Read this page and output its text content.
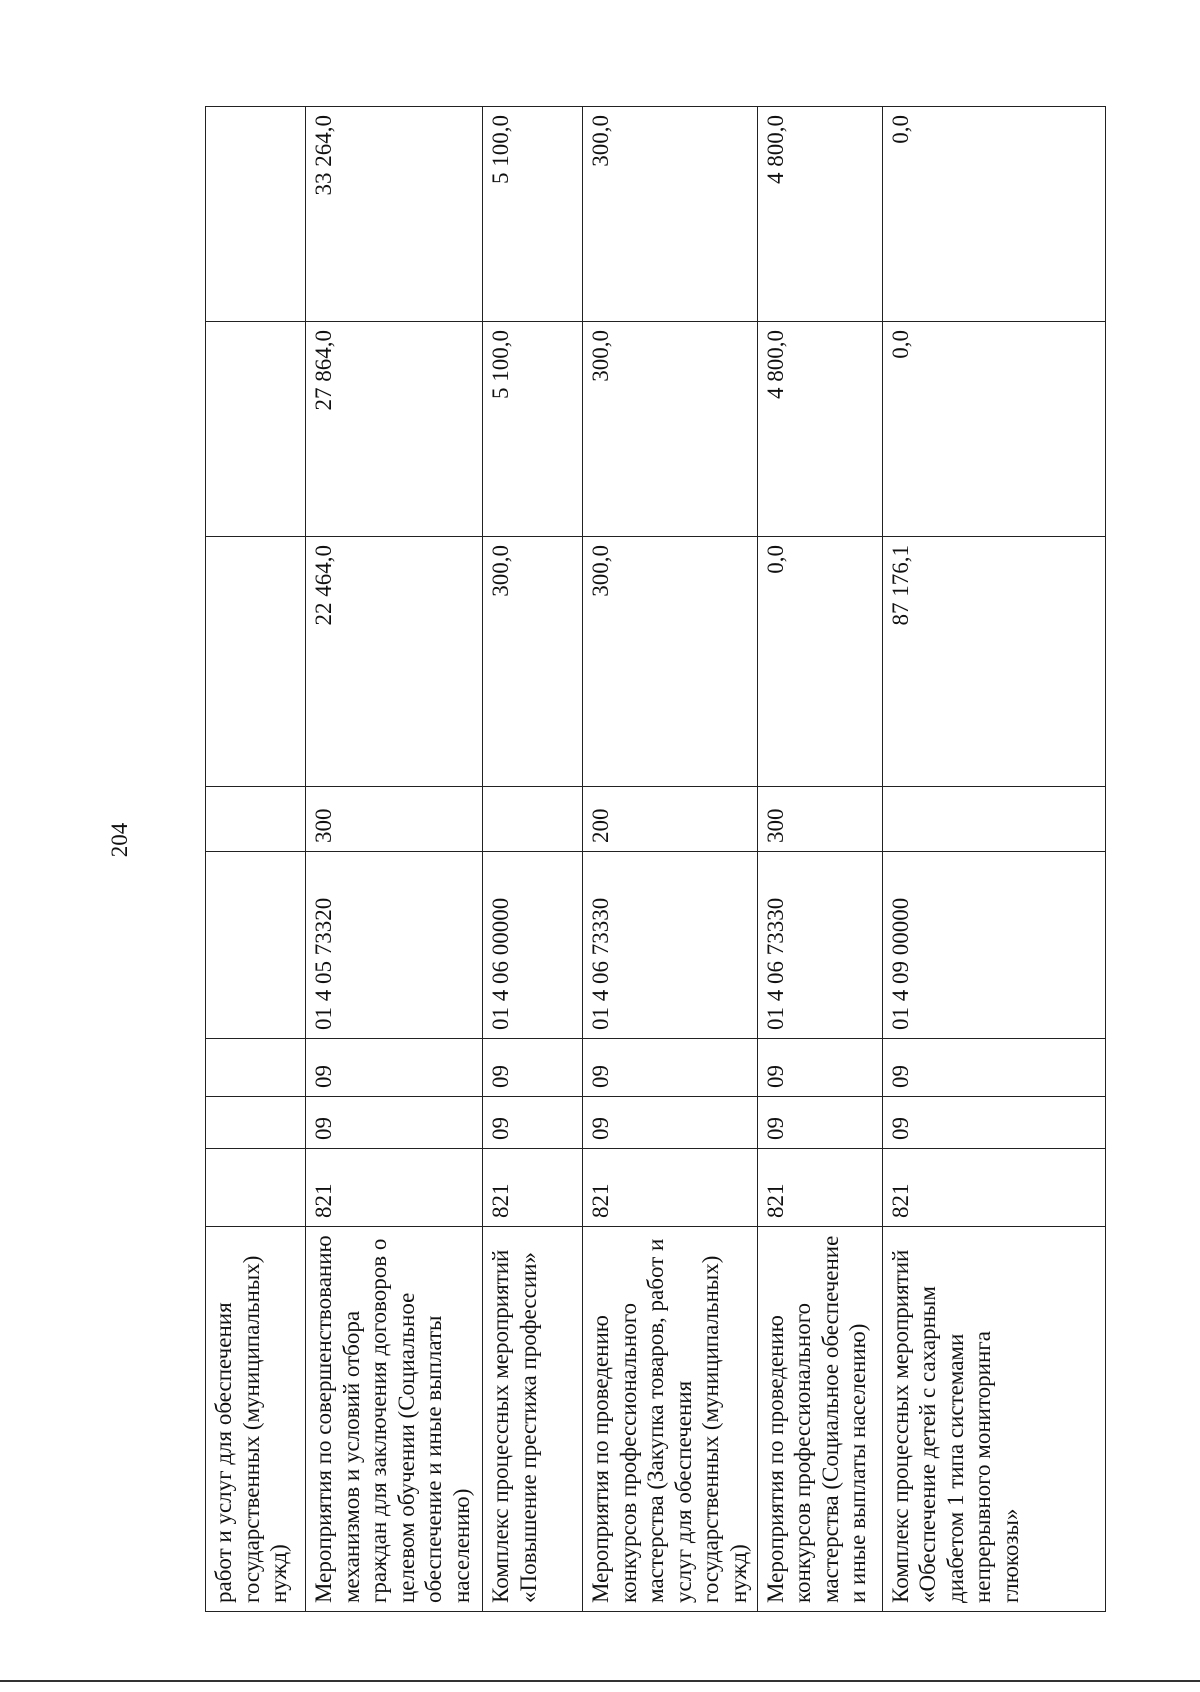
204
работ и услуг для обеспечения государственных (муниципальных) нужд)								
Мероприятия по совершенствованию механизмов и условий отбора граждан для заключения договоров о целевом обучении (Социальное обеспечение и иные выплаты населению)	821	09	09	01 4 05 73320	300	22 464,0	27 864,0	33 264,0
Комплекс процессных мероприятий «Повышение престижа профессии»	821	09	09	01 4 06 00000		300,0	5 100,0	5 100,0
Мероприятия по проведению конкурсов профессионального мастерства (Закупка товаров, работ и услуг для обеспечения государственных (муниципальных) нужд)	821	09	09	01 4 06 73330	200	300,0	300,0	300,0
Мероприятия по проведению конкурсов профессионального мастерства (Социальное обеспечение и иные выплаты населению)	821	09	09	01 4 06 73330	300	0,0	4 800,0	4 800,0
Комплекс процессных мероприятий «Обеспечение детей с сахарным диабетом 1 типа системами непрерывного мониторинга глюкозы»	821	09	09	01 4 09 00000		87 176,1	0,0	0,0
